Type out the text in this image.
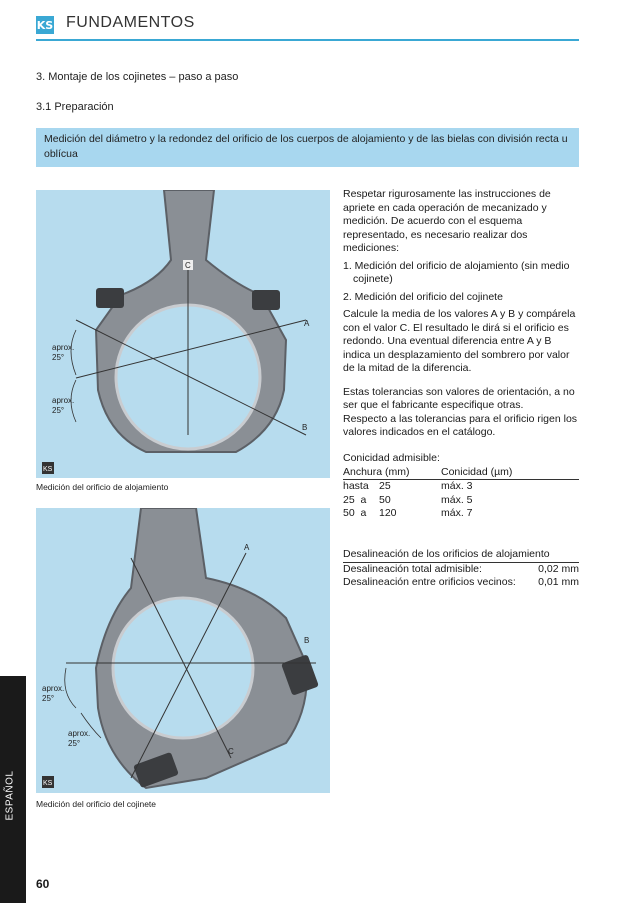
KS FUNDAMENTOS
3. Montaje de los cojinetes – paso a paso
3.1 Preparación
Medición del diámetro y la redondez del orificio de los cuerpos de alojamiento y de las bielas con división recta u oblícua
C
A
B
aprox.
25°
aprox.
25°
KS
Medición del orificio de alojamiento
A
B
C
aprox.
25°
aprox.
25°
KS
Medición del orificio del cojinete

Respetar rigurosamente las instrucciones de apriete en cada operación de mecanizado y medición. De acuerdo con el esquema representado, es necesario realizar dos mediciones:

1. Medición del orificio de alojamiento (sin medio cojinete)

2. Medición del orificio del cojinete

Calcule la media de los valores A y B y compárela con el valor C. El resultado le dirá si el orificio es redondo. Una eventual diferencia entre A y B indica un desplazamiento del sombrero por valor de la mitad de la diferencia.

Estas tolerancias son valores de orientación, a no ser que el fabricante especifique otras.

Respecto a las tolerancias para el orificio rigen los valores indicados en el catálogo.

Conicidad admisible:
Anchura (mm)	Conicidad (µm)
hasta 25	máx. 3
25  a	50	máx. 5
50  a	120	máx. 7
Desalineación de los orificios de alojamiento
Desalineación total admisible:	0,02 mm
Desalineación entre orificios vecinos: 0,01 mm
ESPAÑOL
60
